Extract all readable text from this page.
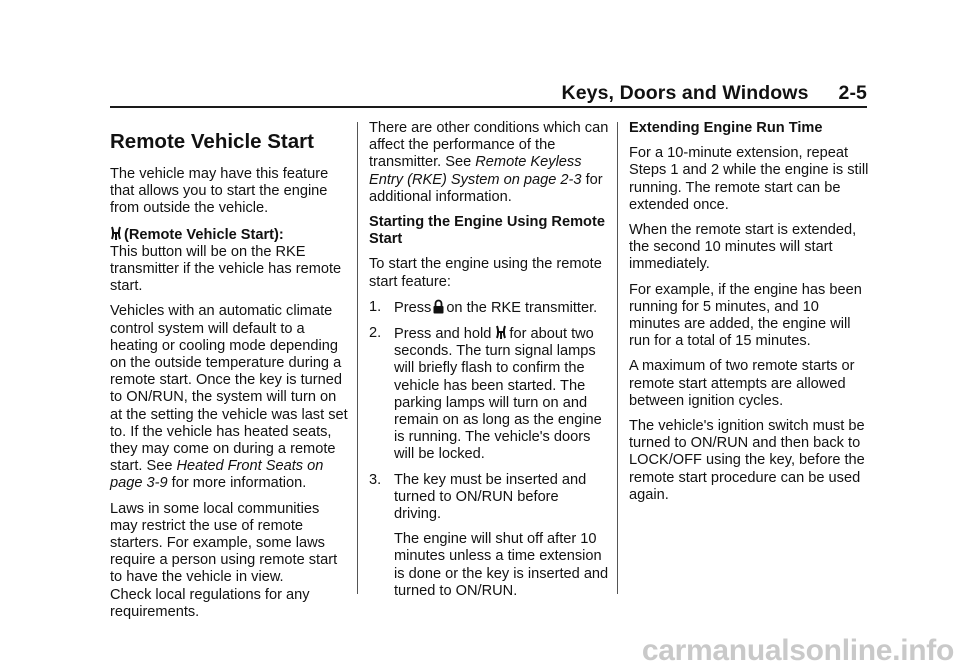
Keys, Doors and Windows 2-5
Remote Vehicle Start

The vehicle may have this feature that allows you to start the engine from outside the vehicle.

(Remote Vehicle Start):

This button will be on the RKE transmitter if the vehicle has remote start.

Vehicles with an automatic climate control system will default to a heating or cooling mode depending on the outside temperature during a remote start. Once the key is turned to ON/RUN, the system will turn on at the setting the vehicle was last set to. If the vehicle has heated seats, they may come on during a remote start. See Heated Front Seats on page 3‑9 for more information.

Laws in some local communities may restrict the use of remote starters. For example, some laws require a person using remote start to have the vehicle in view.

Check local regulations for any requirements.

There are other conditions which can affect the performance of the transmitter. See Remote Keyless Entry (RKE) System on page 2‑3 for additional information.

Starting the Engine Using Remote Start

To start the engine using the remote start feature:

1. Press on the RKE transmitter.
2. Press and hold for about two seconds. The turn signal lamps will briefly flash to confirm the vehicle has been started. The parking lamps will turn on and remain on as long as the engine is running. The vehicle's doors will be locked.
3. The key must be inserted and turned to ON/RUN before driving.

The engine will shut off after 10 minutes unless a time extension is done or the key is inserted and turned to ON/RUN.

Extending Engine Run Time

For a 10‑minute extension, repeat Steps 1 and 2 while the engine is still running. The remote start can be extended once.

When the remote start is extended, the second 10 minutes will start immediately.

For example, if the engine has been running for 5 minutes, and 10 minutes are added, the engine will run for a total of 15 minutes.

A maximum of two remote starts or remote start attempts are allowed between ignition cycles.

The vehicle's ignition switch must be turned to ON/RUN and then back to LOCK/OFF using the key, before the remote start procedure can be used again.

carmanualsonline.info
